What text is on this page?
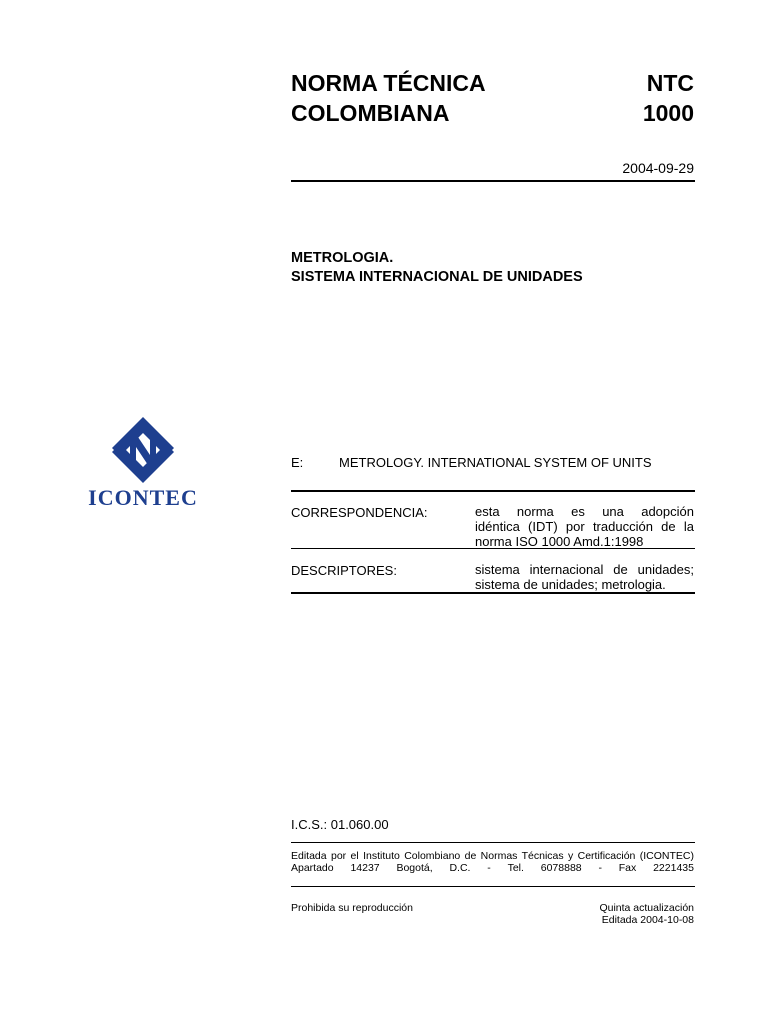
NORMA TÉCNICA
COLOMBIANA
NTC
1000
2004-09-29
METROLOGIA.
SISTEMA INTERNACIONAL DE UNIDADES
ICONTEC
E:	METROLOGY. INTERNATIONAL SYSTEM OF UNITS
CORRESPONDENCIA:	esta norma es una adopción
idéntica (IDT) por traducción de la
norma ISO 1000 Amd.1:1998
DESCRIPTORES:	sistema internacional de unidades;
sistema de unidades; metrologia.
I.C.S.: 01.060.00
Editada por el Instituto Colombiano de Normas Técnicas y Certificación (ICONTEC)
Apartado 14237 Bogotá, D.C. - Tel. 6078888 - Fax 2221435
Prohibida su reproducción	Quinta actualización
Editada 2004-10-08
